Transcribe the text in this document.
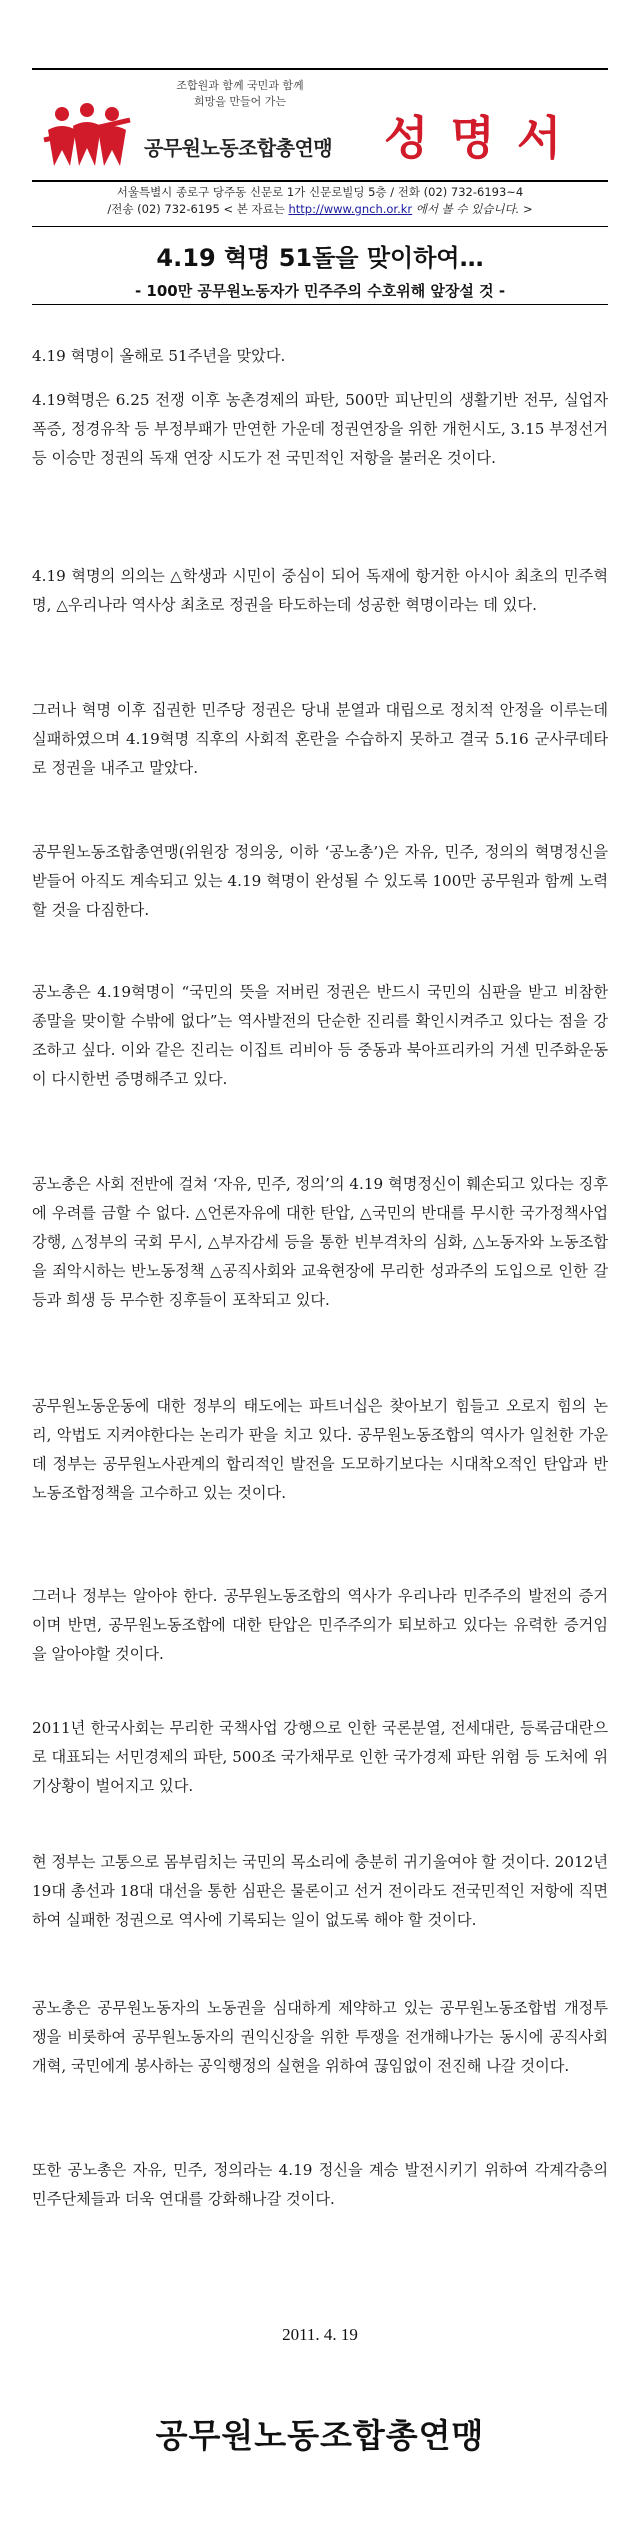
조합원과 함께 국민과 함께
희망을 만들어 가는
공무원노동조합총연맹 성명서
서울특별시 종로구 당주동 신문로 1가 신문로빌딩 5층 / 전화 (02) 732-6193~4
/전송 (02) 732-6195 < 본 자료는 http://www.gnch.or.kr 에서 볼 수 있습니다. >
4.19 혁명 51돌을 맞이하여…
- 100만 공무원노동자가 민주주의 수호위해 앞장설 것 -
4.19 혁명이 올해로 51주년을 맞았다.
4.19혁명은 6.25 전쟁 이후 농촌경제의 파탄, 500만 피난민의 생활기반 전무, 실업자 폭증, 정경유착 등 부정부패가 만연한 가운데 정권연장을 위한 개헌시도, 3.15 부정선거 등 이승만 정권의 독재 연장 시도가 전 국민적인 저항을 불러온 것이다.
4.19 혁명의 의의는 △학생과 시민이 중심이 되어 독재에 항거한 아시아 최초의 민주혁명, △우리나라 역사상 최초로 정권을 타도하는데 성공한 혁명이라는 데 있다.
그러나 혁명 이후 집권한 민주당 정권은 당내 분열과 대립으로 정치적 안정을 이루는데 실패하였으며 4.19혁명 직후의 사회적 혼란을 수습하지 못하고 결국 5.16 군사쿠데타로 정권을 내주고 말았다.
공무원노동조합총연맹(위원장 정의웅, 이하 ‘공노총’)은 자유, 민주, 정의의 혁명정신을 받들어 아직도 계속되고 있는 4.19 혁명이 완성될 수 있도록 100만 공무원과 함께 노력할 것을 다짐한다.
공노총은 4.19혁명이 “국민의 뜻을 저버린 정권은 반드시 국민의 심판을 받고 비참한 종말을 맞이할 수밖에 없다”는 역사발전의 단순한 진리를 확인시켜주고 있다는 점을 강조하고 싶다. 이와 같은 진리는 이집트 리비아 등 중동과 북아프리카의 거센 민주화운동이 다시한번 증명해주고 있다.
공노총은 사회 전반에 걸쳐 ‘자유, 민주, 정의’의 4.19 혁명정신이 훼손되고 있다는 징후에 우려를 금할 수 없다. △언론자유에 대한 탄압, △국민의 반대를 무시한 국가정책사업 강행, △정부의 국회 무시, △부자감세 등을 통한 빈부격차의 심화, △노동자와 노동조합을 죄악시하는 반노동정책 △공직사회와 교육현장에 무리한 성과주의 도입으로 인한 갈등과 희생 등 무수한 징후들이 포착되고 있다.
공무원노동운동에 대한 정부의 태도에는 파트너십은 찾아보기 힘들고 오로지 힘의 논리, 악법도 지켜야한다는 논리가 판을 치고 있다. 공무원노동조합의 역사가 일천한 가운데 정부는 공무원노사관계의 합리적인 발전을 도모하기보다는 시대착오적인 탄압과 반노동조합정책을 고수하고 있는 것이다.
그러나 정부는 알아야 한다. 공무원노동조합의 역사가 우리나라 민주주의 발전의 증거이며 반면, 공무원노동조합에 대한 탄압은 민주주의가 퇴보하고 있다는 유력한 증거임을 알아야할 것이다.
2011년 한국사회는 무리한 국책사업 강행으로 인한 국론분열, 전세대란, 등록금대란으로 대표되는 서민경제의 파탄, 500조 국가채무로 인한 국가경제 파탄 위험 등 도처에 위기상황이 벌어지고 있다.
현 정부는 고통으로 몸부림치는 국민의 목소리에 충분히 귀기울여야 할 것이다. 2012년 19대 총선과 18대 대선을 통한 심판은 물론이고 선거 전이라도 전국민적인 저항에 직면하여 실패한 정권으로 역사에 기록되는 일이 없도록 해야 할 것이다.
공노총은 공무원노동자의 노동권을 심대하게 제약하고 있는 공무원노동조합법 개정투쟁을 비롯하여 공무원노동자의 권익신장을 위한 투쟁을 전개해나가는 동시에 공직사회 개혁, 국민에게 봉사하는 공익행정의 실현을 위하여 끊임없이 전진해 나갈 것이다.
또한 공노총은 자유, 민주, 정의라는 4.19 정신을 계승 발전시키기 위하여 각계각층의 민주단체들과 더욱 연대를 강화해나갈 것이다.
2011. 4. 19
공무원노동조합총연맹
